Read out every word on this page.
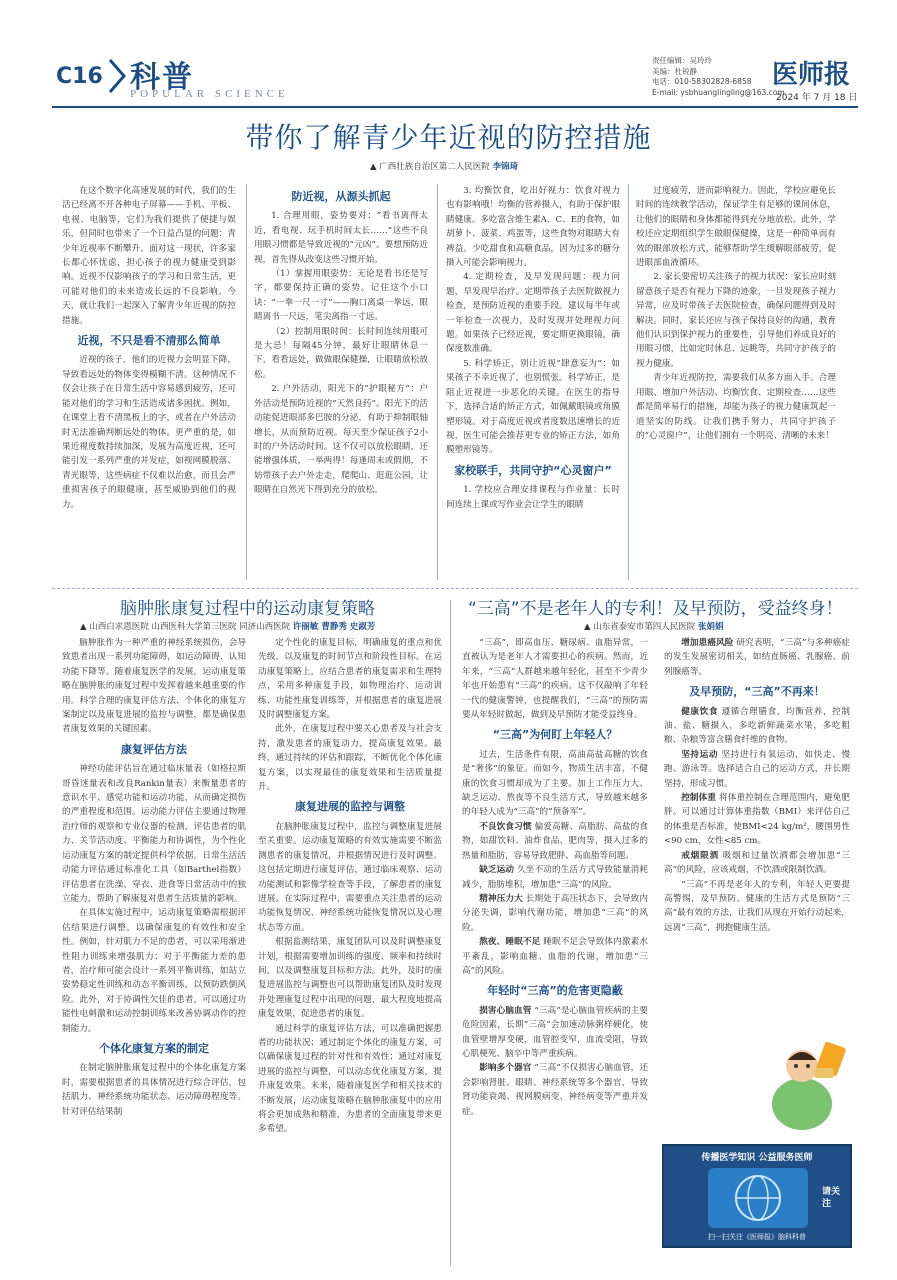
C16 科普
POPULAR SCIENCE
责任编辑：吴玲玲
美编：杜锐静
电话：010-58302828-6858
E-mail: ysbhuanglingling@163.com
医师报
2024 年 7 月 18 日
带你了解青少年近视的防控措施
▲ 广西壮族自治区第二人民医院 李锦琦

在这个数字化高速发展的时代，我们的生活已经离不开各种电子屏幕——手机、平板、电视、电脑等，它们为我们提供了便捷与娱乐，但同时也带来了一个日益凸显的问题：青少年近视率不断攀升。面对这一现状，许多家长都心怀忧虑，担心孩子的视力健康受到影响。近视不仅影响孩子的学习和日常生活，更可能对他们的未来造成长远的不良影响。今天，就让我们一起深入了解青少年近视的防控措施。

近视，不只是看不清那么简单

近视的孩子，他们的近视力会明显下降，导致看远处的物体变得模糊不清。这种情况不仅会让孩子在日常生活中容易感到疲劳，还可能对他们的学习和生活造成诸多困扰。例如，在课堂上看不清黑板上的字，或者在户外活动时无法准确判断远处的物体。更严重的是，如果近视度数持续加深，发展为高度近视，还可能引发一系列严重的并发症，如视网膜脱落、青光眼等，这些病症不仅难以治愈，而且会严重损害孩子的眼健康，甚至威胁到他们的视力。

防近视，从源头抓起

1. 合理用眼，姿势要对：“看书离得太近，看电视、玩手机时间太长……”这些不良用眼习惯都是导致近视的“元凶”。要想预防近视，首先得从改变这些习惯开始。

（1）掌握用眼姿势：无论是看书还是写字，都要保持正确的姿势。记住这个小口诀：“一拳一尺一寸”——胸口离桌一拳远，眼睛离书一尺远，笔尖离指一寸远。

（2）控制用眼时间：长时间连续用眼可是大忌！每隔45分钟，最好让眼睛休息一下，看看远处，做做眼保健操，让眼睛放松放松。

2. 户外活动，阳光下的“护眼秘方”：户外活动是预防近视的“天然良药”。阳光下的活动能促进眼部多巴胺的分泌，有助于抑制眼轴增长，从而预防近视。每天至少保证孩子2小时的户外活动时间。这不仅可以放松眼睛，还能增强体质，一举两得！每逢周末或假期，不妨带孩子去户外走走，爬爬山、逛逛公园，让眼睛在自然光下得到充分的放松。

3. 均衡饮食，吃出好视力：饮食对视力也有影响哦！均衡的营养摄入，有助于保护眼睛健康。多吃富含维生素A、C、E的食物，如胡萝卜、菠菜、鸡蛋等，这些食物对眼睛大有裨益。少吃甜食和高糖食品，因为过多的糖分摄入可能会影响视力。

4. 定期检查，及早发现问题：视力问题，早发现早治疗。定期带孩子去医院做视力检查，是预防近视的重要手段。建议每半年或一年检查一次视力，及时发现并处理视力问题。如果孩子已经近视，要定期更换眼镜，确保度数准确。

5. 科学矫正，别让近视“肆意妄为”：如果孩子不幸近视了，也别慌张。科学矫正，是阻止近视进一步恶化的关键。在医生的指导下，选择合适的矫正方式，如佩戴眼镜或角膜塑形镜。对于高度近视或者度数迅速增长的近视，医生可能会推荐更专业的矫正方法，如角膜塑形镜等。

家校联手，共同守护“心灵窗户”

1. 学校应合理安排课程与作业量：长时间连续上课或写作业会让学生的眼睛

过度疲劳，进而影响视力。因此，学校应避免长时间的连续教学活动，保证学生有足够的课间休息，让他们的眼睛和身体都能得到充分地放松。此外，学校还应定期组织学生做眼保健操，这是一种简单而有效的眼部放松方式，能够帮助学生缓解眼部疲劳，促进眼部血液循环。

2. 家长要密切关注孩子的视力状况：家长应时刻留意孩子是否有视力下降的迹象，一旦发现孩子视力异常，应及时带孩子去医院检查，确保问题得到及时解决。同时，家长还应与孩子保持良好的沟通，教育他们认识到保护视力的重要性，引导他们养成良好的用眼习惯，比如定时休息、远眺等，共同守护孩子的视力健康。

青少年近视防控，需要我们从多方面入手。合理用眼、增加户外活动、均衡饮食、定期检查……这些都是简单易行的措施，却能为孩子的视力健康筑起一道坚实的防线。让我们携手努力，共同守护孩子的“心灵窗户”，让他们拥有一个明亮、清晰的未来！

脑肿胀康复过程中的运动康复策略
▲ 山西白求恩医院 山西医科大学第三医院 同济山西医院 许丽敏 曹静秀 史淑芳

脑肿胀作为一种严重的神经系统损伤，会导致患者出现一系列功能障碍，如运动障碍、认知功能下降等。随着康复医学的发展，运动康复策略在脑肿胀的康复过程中发挥着越来越重要的作用。科学合理的康复评估方法、个体化的康复方案制定以及康复进展的监控与调整，都是确保患者康复效果的关键因素。

康复评估方法

神经功能评估旨在通过临床量表（如格拉斯哥昏迷量表和改良Rankin量表）来衡量患者的意识水平、感觉功能和运动功能，从而确定损伤的严重程度和范围。运动能力评估主要通过物理治疗师的观察和专业仪器的检测，评估患者的肌力、关节活动度、平衡能力和协调性，为个性化运动康复方案的制定提供科学依据。日常生活活动能力评估通过标准化工具（如Barthel指数）评估患者在洗澡、穿衣、进食等日常活动中的独立能力，帮助了解康复对患者生活质量的影响。

在具体实施过程中，运动康复策略需根据评估结果进行调整，以确保康复的有效性和安全性。例如，针对肌力不足的患者，可以采用渐进性阻力训练来增强肌力；对于平衡能力差的患者，治疗师可能会设计一系列平衡训练，如站立姿势稳定性训练和动态平衡训练，以预防跌倒风险。此外，对于协调性欠佳的患者，可以通过功能性电刺激和运动控制训练来改善协调动作的控制能力。

个体化康复方案的制定

在制定脑肿胀康复过程中的个体化康复方案时，需要根据患者的具体情况进行综合评估，包括肌力、神经系统功能状态、运动障碍程度等。针对评估结果制

定个性化的康复目标，明确康复的重点和优先级，以及康复的时间节点和阶段性目标。在运动康复策略上，应结合患者的康复需求和生理特点，采用多种康复手段，如物理治疗、运动训练、功能性康复训练等，并根据患者的康复进展及时调整康复方案。

此外，在康复过程中要关心患者及与社会支持，激发患者的康复动力，提高康复效果。最终，通过持续的评估和跟踪，不断优化个体化康复方案，以实现最佳的康复效果和生活质量提升。

康复进展的监控与调整

在脑肿胀康复过程中，监控与调整康复进展至关重要。运动康复策略的有效实施需要不断监测患者的康复情况，并根据情况进行及时调整。这包括定期进行康复评估，通过临床观察、运动功能测试和影像学检查等手段，了解患者的康复进展。在实际过程中，需要重点关注患者的运动功能恢复情况、神经系统功能恢复情况以及心理状态等方面。

根据监测结果，康复团队可以及时调整康复计划，根据需要增加训练的强度、频率和持续时间，以及调整康复目标和方法。此外，及时的康复进展监控与调整也可以帮助康复团队及时发现并处理康复过程中出现的问题，最大程度地提高康复效果，促进患者的康复。

通过科学的康复评估方法，可以准确把握患者的功能状况；通过制定个体化的康复方案，可以确保康复过程的针对性和有效性；通过对康复进展的监控与调整，可以动态优化康复方案，提升康复效果。未来，随着康复医学和相关技术的不断发展，运动康复策略在脑肿胀康复中的应用将会更加成熟和精准，为患者的全面康复带来更多希望。

“三高”不是老年人的专利！及早预防，受益终身！
▲ 山东省泰安市第四人民医院 张娟娟

“三高”，即高血压、糖尿病、血脂异常，一直被认为是老年人才需要担心的疾病。然而，近年来，“三高”人群越来越年轻化，甚至不少青少年也开始患有“三高”的疾病。这不仅敲响了年轻一代的健康警钟，也提醒我们，“三高”的预防需要从年轻时做起，做到及早预防才能受益终身。

“三高”为何盯上年轻人？

过去，生活条件有限，高油高盐高糖的饮食是“奢侈”的象征。而如今，物质生活丰富，不健康的饮食习惯却成为了主要。加上工作压力大、缺乏运动、熬夜等不良生活方式，导致越来越多的年轻人成为“三高”的“预备军”。

不良饮食习惯 偏爱高糖、高脂肪、高盐的食物，如甜饮料、油炸食品、肥肉等，摄入过多的热量和脂肪，容易导致肥胖、高血脂等问题。

缺乏运动 久坐不动的生活方式导致能量消耗减少，脂肪堆积，增加患“三高”的风险。

精神压力大 长期处于高压状态下，会导致内分泌失调，影响代谢功能，增加患“三高”的风险。

熬夜、睡眠不足 睡眠不足会导致体内激素水平紊乱，影响血糖、血脂的代谢，增加患“三高”的风险。

年轻时“三高”的危害更隐蔽

损害心脑血管 “三高”是心脑血管疾病的主要危险因素，长期“三高”会加速动脉粥样硬化，使血管壁增厚变硬，血管腔变窄，血流受阻，导致心肌梗死、脑卒中等严重疾病。

影响多个器官 “三高”不仅损害心脑血管，还会影响肾脏、眼睛、神经系统等多个器官，导致肾功能衰竭、视网膜病变、神经病变等严重并发症。

增加患癌风险 研究表明，“三高”与多种癌症的发生发展密切相关，如结直肠癌、乳腺癌、前列腺癌等。

及早预防，“三高”不再来！

健康饮食 遵循合理膳食，均衡营养，控制油、盐、糖摄入，多吃新鲜蔬菜水果，多吃粗粮、杂粮等富含膳食纤维的食物。

坚持运动 坚持进行有氧运动，如快走、慢跑、游泳等。选择适合自己的运动方式，并长期坚持，形成习惯。

控制体重 将体重控制在合理范围内，避免肥胖。可以通过计算体重指数（BMI）来评估自己的体重是否标准，使BMI<24 kg/m²，腰围男性<90 cm，女性<85 cm。

戒烟限酒 吸烟和过量饮酒都会增加患“三高”的风险，应该戒烟，不饮酒或限制饮酒。

“三高”不再是老年人的专利，年轻人更要提高警惕，及早预防。健康的生活方式是预防“三高”最有效的方法，让我们从现在开始行动起来，远离“三高”，拥抱健康生活。

传播医学知识 公益服务医师
请关注
扫一扫关注《医师报》脑科科普
